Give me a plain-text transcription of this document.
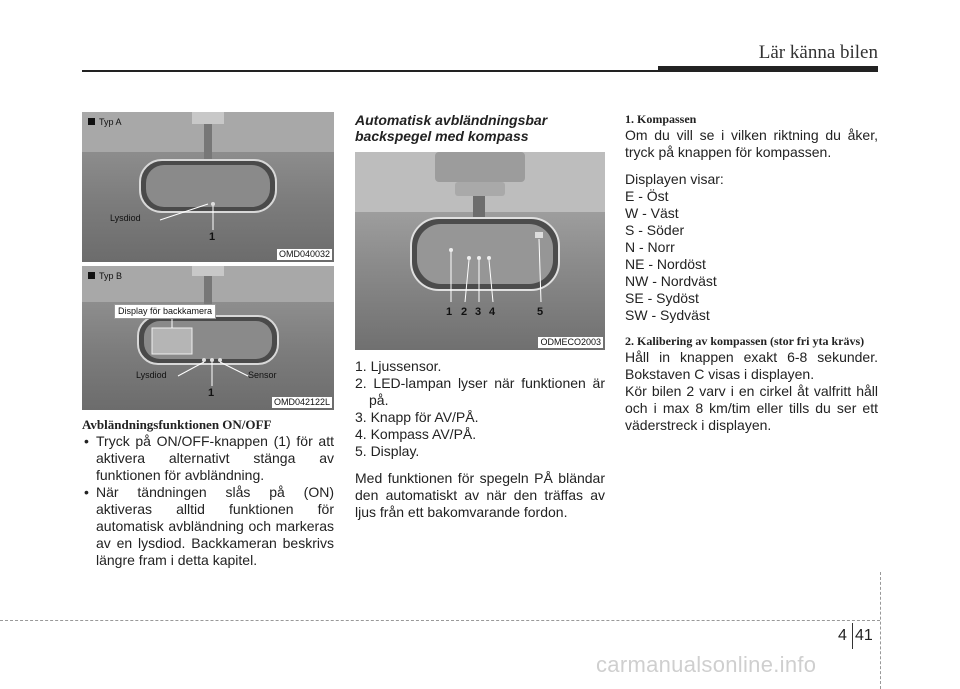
Lär känna bilen
Typ A
Lysdiod
1
OMD040032
Typ B
Display för backkamera
Lysdiod	Sensor
1
OMD042122L
Avbländningsfunktionen ON/OFF
• Tryck på ON/OFF-knappen (1) för att aktivera alternativt stänga av funktionen för avbländning.
• När tändningen slås på (ON) aktiveras alltid funktionen för automatisk avbländning och markeras av en lysdiod. Backkameran beskrivs längre fram i detta kapitel.
Automatisk avbländningsbar
backspegel med kompass
1 2 3 4	5
ODMECO2003
1. Ljussensor.
2. LED-lampan lyser när funktionen är på.
3. Knapp för AV/PÅ.
4. Kompass AV/PÅ.
5. Display.
Med funktionen för spegeln PÅ bländar den automatiskt av när den träffas av ljus från ett bakomvarande fordon.
1. Kompassen
Om du vill se i vilken riktning du åker, tryck på knappen för kompassen.
Displayen visar:
E - Öst
W - Väst
S - Söder
N - Norr
NE - Nordöst
NW - Nordväst
SE - Sydöst
SW - Sydväst
2. Kalibering av kompassen (stor fri yta krävs)
Håll in knappen exakt 6-8 sekunder. Bokstaven C visas i displayen.
Kör bilen 2 varv i en cirkel åt valfritt håll och i max 8 km/tim eller tills du ser ett väderstreck i displayen.
4 41
carmanualsonline.info
